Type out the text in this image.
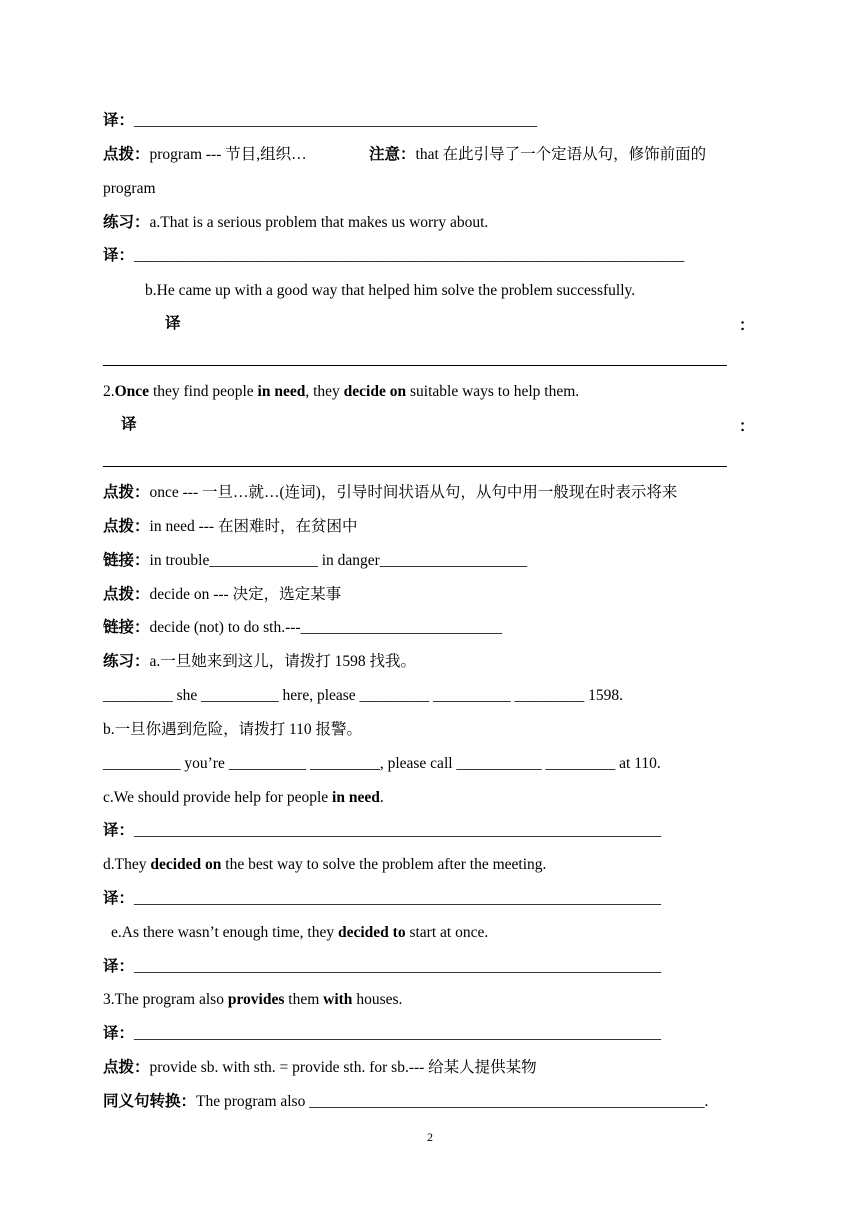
译：____________________________________________________
点拨：program --- 节目,组织…	注意：that 在此引导了一个定语从句，修饰前面的
program
练习：a.That is a serious problem that makes us worry about.
译：_______________________________________________________________________
b.He came up with a good way that helped him solve the problem successfully.
译	：
2.Once they find people in need, they decide on suitable ways to help them.
译	：
点拨：once --- 一旦…就…(连词)，引导时间状语从句，从句中用一般现在时表示将来
点拨：in need --- 在困难时，在贫困中
链接：in trouble______________ in danger___________________
点拨：decide on --- 决定，选定某事
链接：decide (not) to do sth.---__________________________
练习：a.一旦她来到这儿，请拨打 1598 找我。
_________ she __________ here, please _________ __________ _________ 1598.
b.一旦你遇到危险，请拨打 110 报警。
__________ you’re __________ _________, please call ___________ _________ at 110.
c.We should provide help for people in need.
译：____________________________________________________________________
d.They decided on the best way to solve the problem after the meeting.
译：____________________________________________________________________
e.As there wasn’t enough time, they decided to start at once.
译：____________________________________________________________________
3.The program also provides them with houses.
译：____________________________________________________________________
点拨：provide sb. with sth. = provide sth. for sb.--- 给某人提供某物
同义句转换：The program also ___________________________________________________.
2
